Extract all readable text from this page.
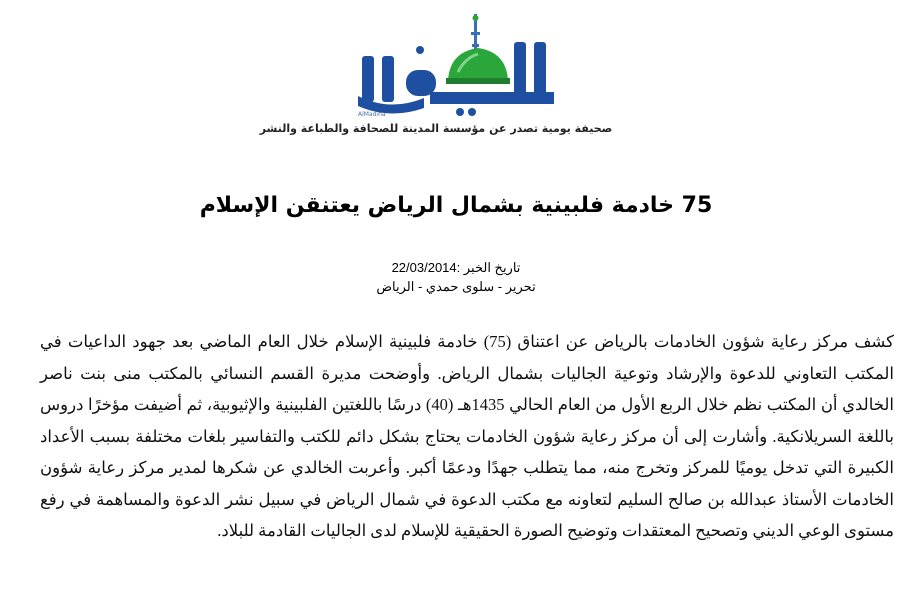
AlMadina
المدينة
صحيفة يومية تصدر عن مؤسسة المدينة للصحافة والطباعة والنشر
75 خادمة فلبينية بشمال الرياض يعتنقن الإسلام
تاريخ الخبر :22/03/2014
تحرير - سلوى حمدي - الرياض
كشف مركز رعاية شؤون الخادمات بالرياض عن اعتناق (75) خادمة فلبينية الإسلام خلال العام الماضي بعد جهود الداعيات في المكتب التعاوني للدعوة والإرشاد وتوعية الجاليات بشمال الرياض. وأوضحت مديرة القسم النسائي بالمكتب منى بنت ناصر الخالدي أن المكتب نظم خلال الربع الأول من العام الحالي 1435هـ (40) درسًا باللغتين الفلبينية والإثيوبية، ثم أضيفت مؤخرًا دروس باللغة السريلانكية. وأشارت إلى أن مركز رعاية شؤون الخادمات يحتاج بشكل دائم للكتب والتفاسير بلغات مختلفة بسبب الأعداد الكبيرة التي تدخل يوميًا للمركز وتخرج منه، مما يتطلب جهدًا ودعمًا أكبر. وأعربت الخالدي عن شكرها لمدير مركز رعاية شؤون الخادمات الأستاذ عبدالله بن صالح السليم لتعاونه مع مكتب الدعوة في شمال الرياض في سبيل نشر الدعوة والمساهمة في رفع مستوى الوعي الديني وتصحيح المعتقدات وتوضيح الصورة الحقيقية للإسلام لدى الجاليات القادمة للبلاد.
